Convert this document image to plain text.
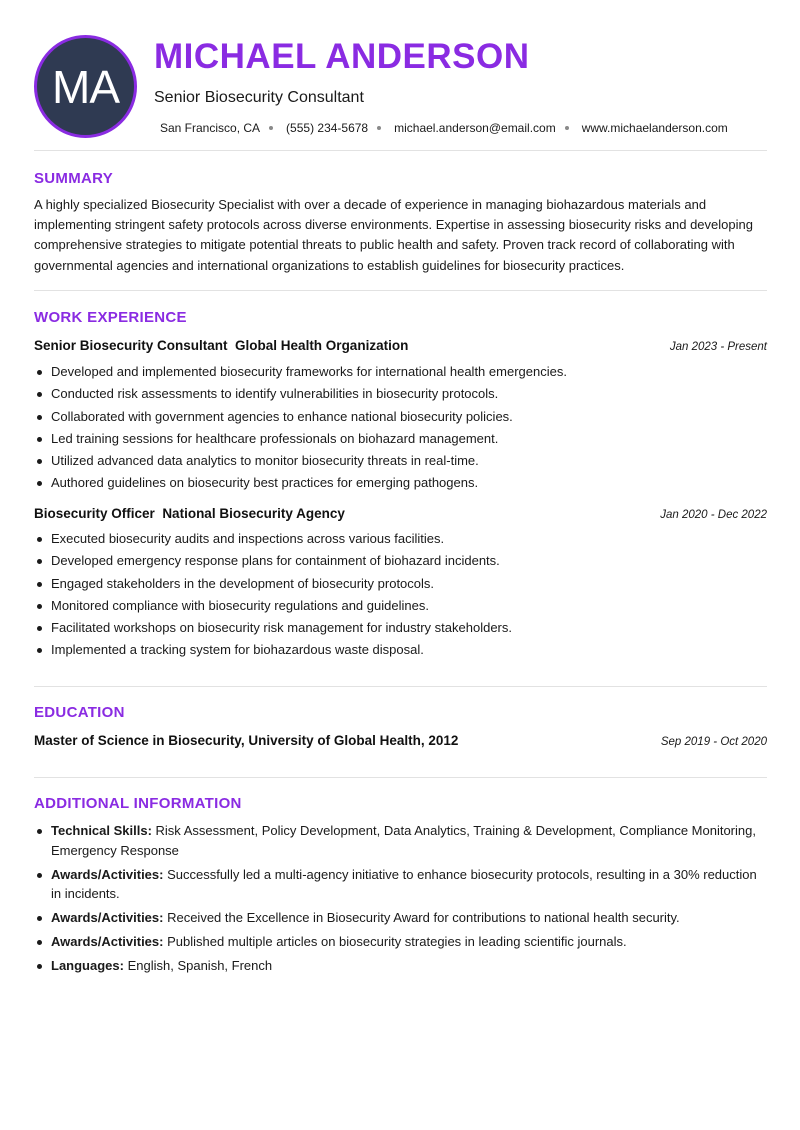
MA
MICHAEL ANDERSON
Senior Biosecurity Consultant
San Francisco, CA (555) 234-5678 michael.anderson@email.com www.michaelanderson.com
SUMMARY
A highly specialized Biosecurity Specialist with over a decade of experience in managing biohazardous materials and implementing stringent safety protocols across diverse environments. Expertise in assessing biosecurity risks and developing comprehensive strategies to mitigate potential threats to public health and safety. Proven track record of collaborating with governmental agencies and international organizations to establish guidelines for biosecurity practices.
WORK EXPERIENCE
Senior Biosecurity Consultant Global Health Organization	Jan 2023 - Present
Developed and implemented biosecurity frameworks for international health emergencies.
Conducted risk assessments to identify vulnerabilities in biosecurity protocols.
Collaborated with government agencies to enhance national biosecurity policies.
Led training sessions for healthcare professionals on biohazard management.
Utilized advanced data analytics to monitor biosecurity threats in real-time.
Authored guidelines on biosecurity best practices for emerging pathogens.
Biosecurity Officer National Biosecurity Agency	Jan 2020 - Dec 2022
Executed biosecurity audits and inspections across various facilities.
Developed emergency response plans for containment of biohazard incidents.
Engaged stakeholders in the development of biosecurity protocols.
Monitored compliance with biosecurity regulations and guidelines.
Facilitated workshops on biosecurity risk management for industry stakeholders.
Implemented a tracking system for biohazardous waste disposal.
EDUCATION
Master of Science in Biosecurity, University of Global Health, 2012	Sep 2019 - Oct 2020
ADDITIONAL INFORMATION
Technical Skills: Risk Assessment, Policy Development, Data Analytics, Training & Development, Compliance Monitoring, Emergency Response
Awards/Activities: Successfully led a multi-agency initiative to enhance biosecurity protocols, resulting in a 30% reduction in incidents.
Awards/Activities: Received the Excellence in Biosecurity Award for contributions to national health security.
Awards/Activities: Published multiple articles on biosecurity strategies in leading scientific journals.
Languages: English, Spanish, French
